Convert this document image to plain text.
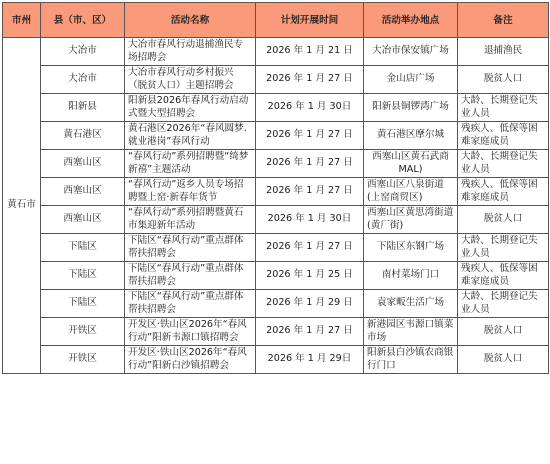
市州	县（市、区）	活动名称	计划开展时间	活动举办地点	备注
黄石市	大冶市	大冶市春风行动退捕渔民专场招聘会	2026 年 1 月 21 日	大冶市保安镇广场	退捕渔民
	大冶市	大冶市春风行动乡村振兴（脱贫人口）主题招聘会	2026 年 1 月 27 日	金山店广场	脱贫人口
	阳新县	阳新县2026年春风行动启动式暨大型招聘会	2026 年 1 月 30日	阳新县铜锣湾广场	大龄、长期登记失业人员
	黄石港区	黄石港区2026年“春风圆梦.就业港岗”春风行动	2026 年 1 月 27 日	黄石港区摩尔城	残疾人、低保等困难家庭成员
	西塞山区	“春风行动”系列招聘暨“绮梦新禧”主题活动	2026 年 1 月 27 日	西塞山区黄石武商MAL)	大龄、长期登记失业人员
	西塞山区	“春风行动”返乡人员专场招聘暨上窑·新春年货节	2026 年 1 月 27 日	西塞山区八泉街道(上窑商贸区)	残疾人、低保等困难家庭成员
	西塞山区	“春风行动”系列招聘暨黄石市集迎新年活动	2026 年 1 月 30日	西塞山区黄思湾街道(黄厂街)	脱贫人口
	下陆区	下陆区“春风行动”重点群体帮扶招聘会	2026 年 1 月 27 日	下陆区东钢广场	大龄、长期登记失业人员
	下陆区	下陆区“春风行动”重点群体帮扶招聘会	2026 年 1 月 25 日	南村菜场门口	残疾人、低保等困难家庭成员
	下陆区	下陆区“春风行动”重点群体帮扶招聘会	2026 年 1 月 29 日	袁家畈生活广场	大龄、长期登记失业人员
	开铁区	开发区·铁山区2026年“春风行动”阳新韦源口镇招聘会	2026 年 1 月 27 日	新港园区韦源口镇菜市场	脱贫人口
	开铁区	开发区·铁山区2026年“春风行动”阳新白沙镇招聘会	2026 年 1 月 29日	阳新县白沙镇农商银行门口	脱贫人口
